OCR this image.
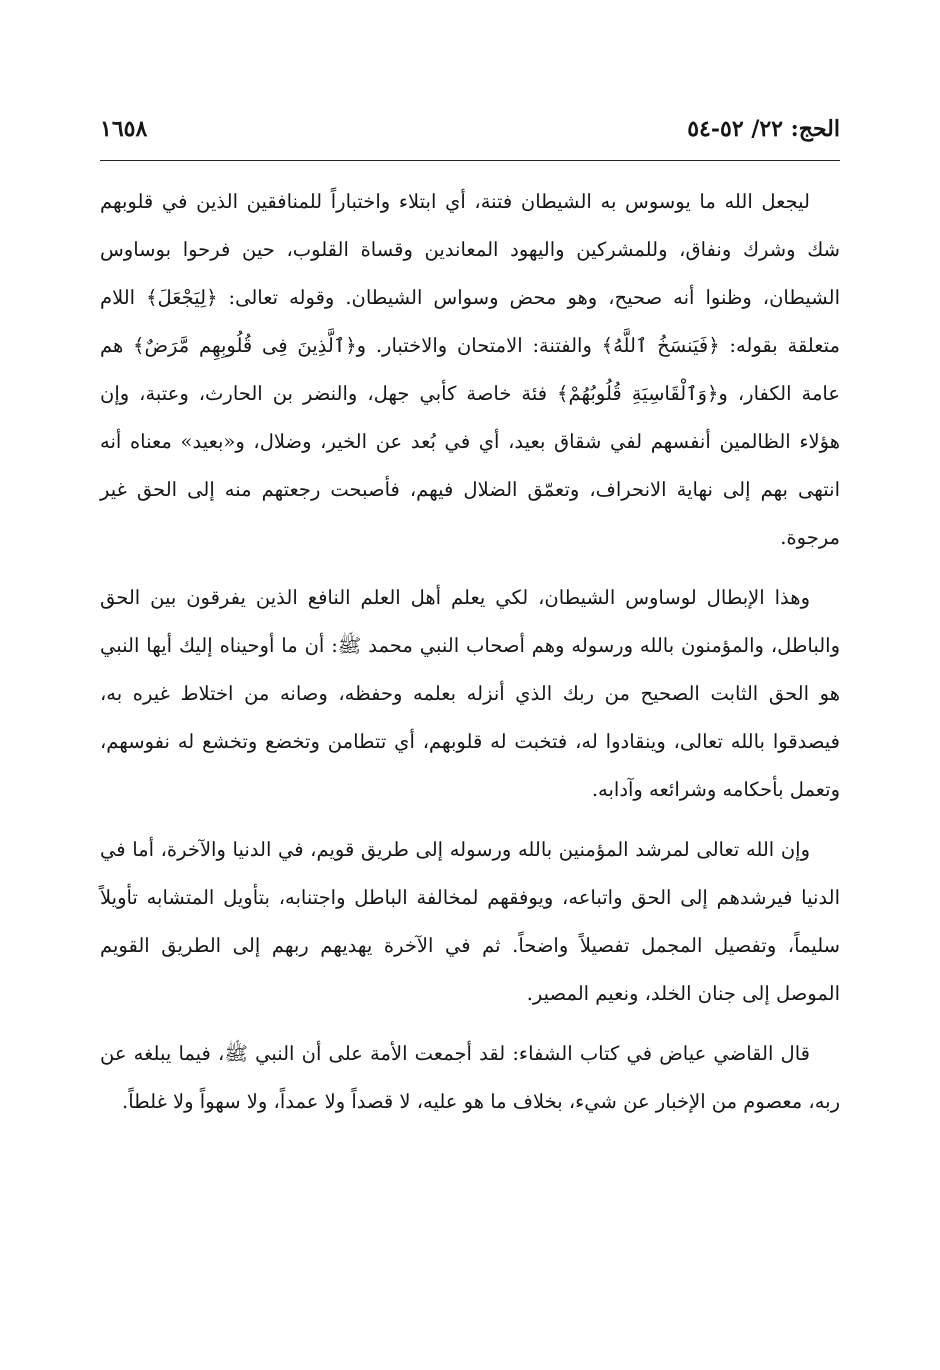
الحج: ٢٢/ ٥٢-٥٤
١٦٥٨

ليجعل الله ما يوسوس به الشيطان فتنة، أي ابتلاء واختباراً للمنافقين الذين في قلوبهم شك وشرك ونفاق، وللمشركين واليهود المعاندين وقساة القلوب، حين فرحوا بوساوس الشيطان، وظنوا أنه صحيح، وهو محض وسواس الشيطان. وقوله تعالى: ﴿لِيَجْعَلَ﴾ اللام متعلقة بقوله: ﴿فَيَنسَخُ ٱللَّهُ﴾ والفتنة: الامتحان والاختبار. و﴿ٱلَّذِينَ فِى قُلُوبِهِم مَّرَضٌ﴾ هم عامة الكفار، و﴿وَٱلْقَاسِيَةِ قُلُوبُهُمْ﴾ فئة خاصة كأبي جهل، والنضر بن الحارث، وعتبة، وإن هؤلاء الظالمين أنفسهم لفي شقاق بعيد، أي في بُعد عن الخير، وضلال، و«بعيد» معناه أنه انتهى بهم إلى نهاية الانحراف، وتعمّق الضلال فيهم، فأصبحت رجعتهم منه إلى الحق غير مرجوة.

وهذا الإبطال لوساوس الشيطان، لكي يعلم أهل العلم النافع الذين يفرقون بين الحق والباطل، والمؤمنون بالله ورسوله وهم أصحاب النبي محمد ﷺ: أن ما أوحيناه إليك أيها النبي هو الحق الثابت الصحيح من ربك الذي أنزله بعلمه وحفظه، وصانه من اختلاط غيره به، فيصدقوا بالله تعالى، وينقادوا له، فتخبت له قلوبهم، أي تتطامن وتخضع وتخشع له نفوسهم، وتعمل بأحكامه وشرائعه وآدابه.

وإن الله تعالى لمرشد المؤمنين بالله ورسوله إلى طريق قويم، في الدنيا والآخرة، أما في الدنيا فيرشدهم إلى الحق واتباعه، ويوفقهم لمخالفة الباطل واجتنابه، بتأويل المتشابه تأويلاً سليماً، وتفصيل المجمل تفصيلاً واضحاً. ثم في الآخرة يهديهم ربهم إلى الطريق القويم الموصل إلى جنان الخلد، ونعيم المصير.

قال القاضي عياض في كتاب الشفاء: لقد أجمعت الأمة على أن النبي ﷺ، فيما يبلغه عن ربه، معصوم من الإخبار عن شيء، بخلاف ما هو عليه، لا قصداً ولا عمداً، ولا سهواً ولا غلطاً.
